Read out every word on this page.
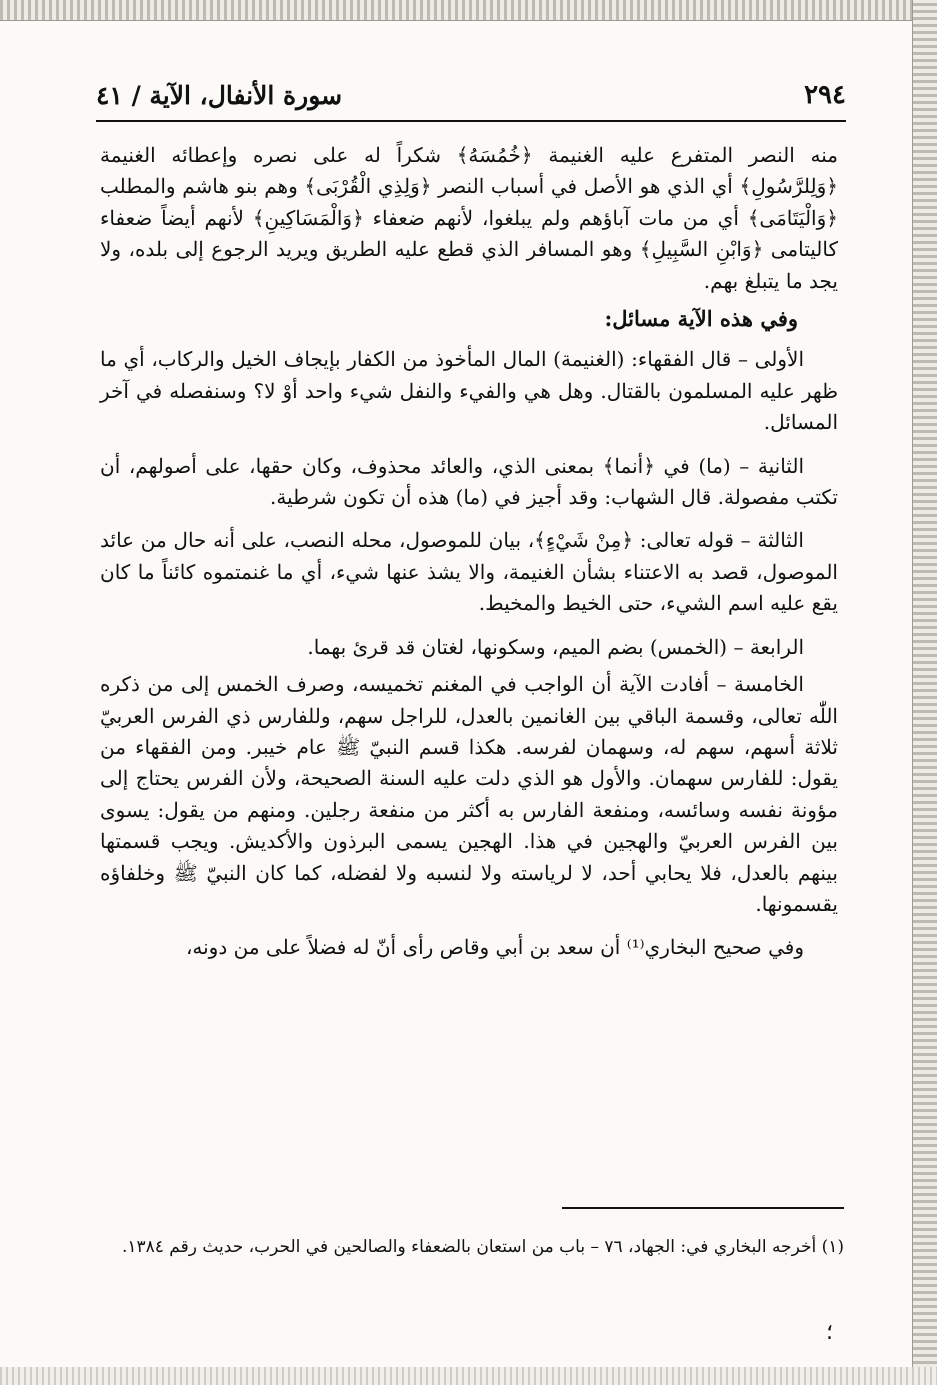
٢٩٤
سورة الأنفال، الآية / ٤١

منه النصر المتفرع عليه الغنيمة ﴿خُمُسَهُ﴾ شكراً له على نصره وإعطائه الغنيمة ﴿وَلِلرَّسُولِ﴾ أي الذي هو الأصل في أسباب النصر ﴿وَلِذِي الْقُرْبَى﴾ وهم بنو هاشم والمطلب ﴿وَالْيَتَامَى﴾ أي من مات آباؤهم ولم يبلغوا، لأنهم ضعفاء ﴿وَالْمَسَاكِينِ﴾ لأنهم أيضاً ضعفاء كاليتامى ﴿وَابْنِ السَّبِيلِ﴾ وهو المسافر الذي قطع عليه الطريق ويريد الرجوع إلى بلده، ولا يجد ما يتبلغ بهم.

وفي هذه الآية مسائل:

الأولى – قال الفقهاء: (الغنيمة) المال المأخوذ من الكفار بإيجاف الخيل والركاب، أي ما ظهر عليه المسلمون بالقتال. وهل هي والفيء والنفل شيء واحد أوْ لا؟ وسنفصله في آخر المسائل.

الثانية – (ما) في ﴿أنما﴾ بمعنى الذي، والعائد محذوف، وكان حقها، على أصولهم، أن تكتب مفصولة. قال الشهاب: وقد أجيز في (ما) هذه أن تكون شرطية.

الثالثة – قوله تعالى: ﴿مِنْ شَيْءٍ﴾، بيان للموصول، محله النصب، على أنه حال من عائد الموصول، قصد به الاعتناء بشأن الغنيمة، والا يشذ عنها شيء، أي ما غنمتموه كائناً ما كان يقع عليه اسم الشيء، حتى الخيط والمخيط.

الرابعة – (الخمس) بضم الميم، وسكونها، لغتان قد قرئ بهما.

الخامسة – أفادت الآية أن الواجب في المغنم تخميسه، وصرف الخمس إلى من ذكره اللّٰه تعالى، وقسمة الباقي بين الغانمين بالعدل، للراجل سهم، وللفارس ذي الفرس العربيّ ثلاثة أسهم، سهم له، وسهمان لفرسه. هكذا قسم النبيّ ﷺ عام خيبر. ومن الفقهاء من يقول: للفارس سهمان. والأول هو الذي دلت عليه السنة الصحيحة، ولأن الفرس يحتاج إلى مؤونة نفسه وسائسه، ومنفعة الفارس به أكثر من منفعة رجلين. ومنهم من يقول: يسوى بين الفرس العربيّ والهجين في هذا. الهجين يسمى البرذون والأكديش. ويجب قسمتها بينهم بالعدل، فلا يحابي أحد، لا لرياسته ولا لنسبه ولا لفضله، كما كان النبيّ ﷺ وخلفاؤه يقسمونها.

وفي صحيح البخاري⁽¹⁾ أن سعد بن أبي وقاص رأى أنّ له فضلاً على من دونه،

(١) أخرجه البخاري في: الجهاد، ٧٦ – باب من استعان بالضعفاء والصالحين في الحرب، حديث رقم ١٣٨٤.

؛
